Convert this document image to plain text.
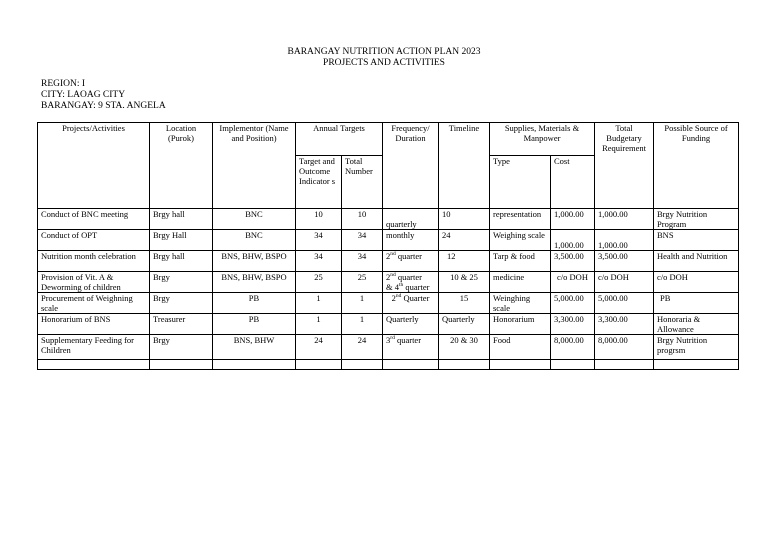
BARANGAY NUTRITION ACTION PLAN 2023
PROJECTS AND ACTIVITIES
REGION: I
CITY: LAOAG CITY
BARANGAY: 9 STA. ANGELA
Projects/Activities	Location (Purok)	Implementor (Name and Position)	Annual Targets		Frequency/ Duration	Timeline	Supplies, Materials & Manpower		Total Budgetary Requirement	Possible Source of Funding
			Target and Outcome Indicator s	Total Number			Type	Cost		
Conduct of BNC meeting	Brgy hall	BNC	10	10	quarterly	10	representation	1,000.00	1,000.00	Brgy Nutrition Program
Conduct of OPT	Brgy Hall	BNC	34	34	monthly	24	Weighing scale	1,000.00	1,000.00	BNS
Nutrition month celebration	Brgy hall	BNS, BHW, BSPO	34	34	2nd quarter	12	Tarp & food	3,500.00	3,500.00	Health and Nutrition
Provision of Vit. A & Deworming of children	Brgy	BNS, BHW, BSPO	25	25	2nd quarter
& 4th quarter	10 & 25	medicine	c/o DOH	c/o DOH	c/o DOH
Procurement of Weighning scale	Brgy	PB	1	1	2nd Quarter	15	Weinghing scale	5,000.00	5,000.00	PB
Honorarium of BNS	Treasurer	PB	1	1	Quarterly	Quarterly	Honorarium	3,300.00	3,300.00	Honoraria & Allowance
Supplementary Feeding for Children	Brgy	BNS, BHW	24	24	3rd quarter	20 & 30	Food	8,000.00	8,000.00	Brgy Nutrition progrsm
